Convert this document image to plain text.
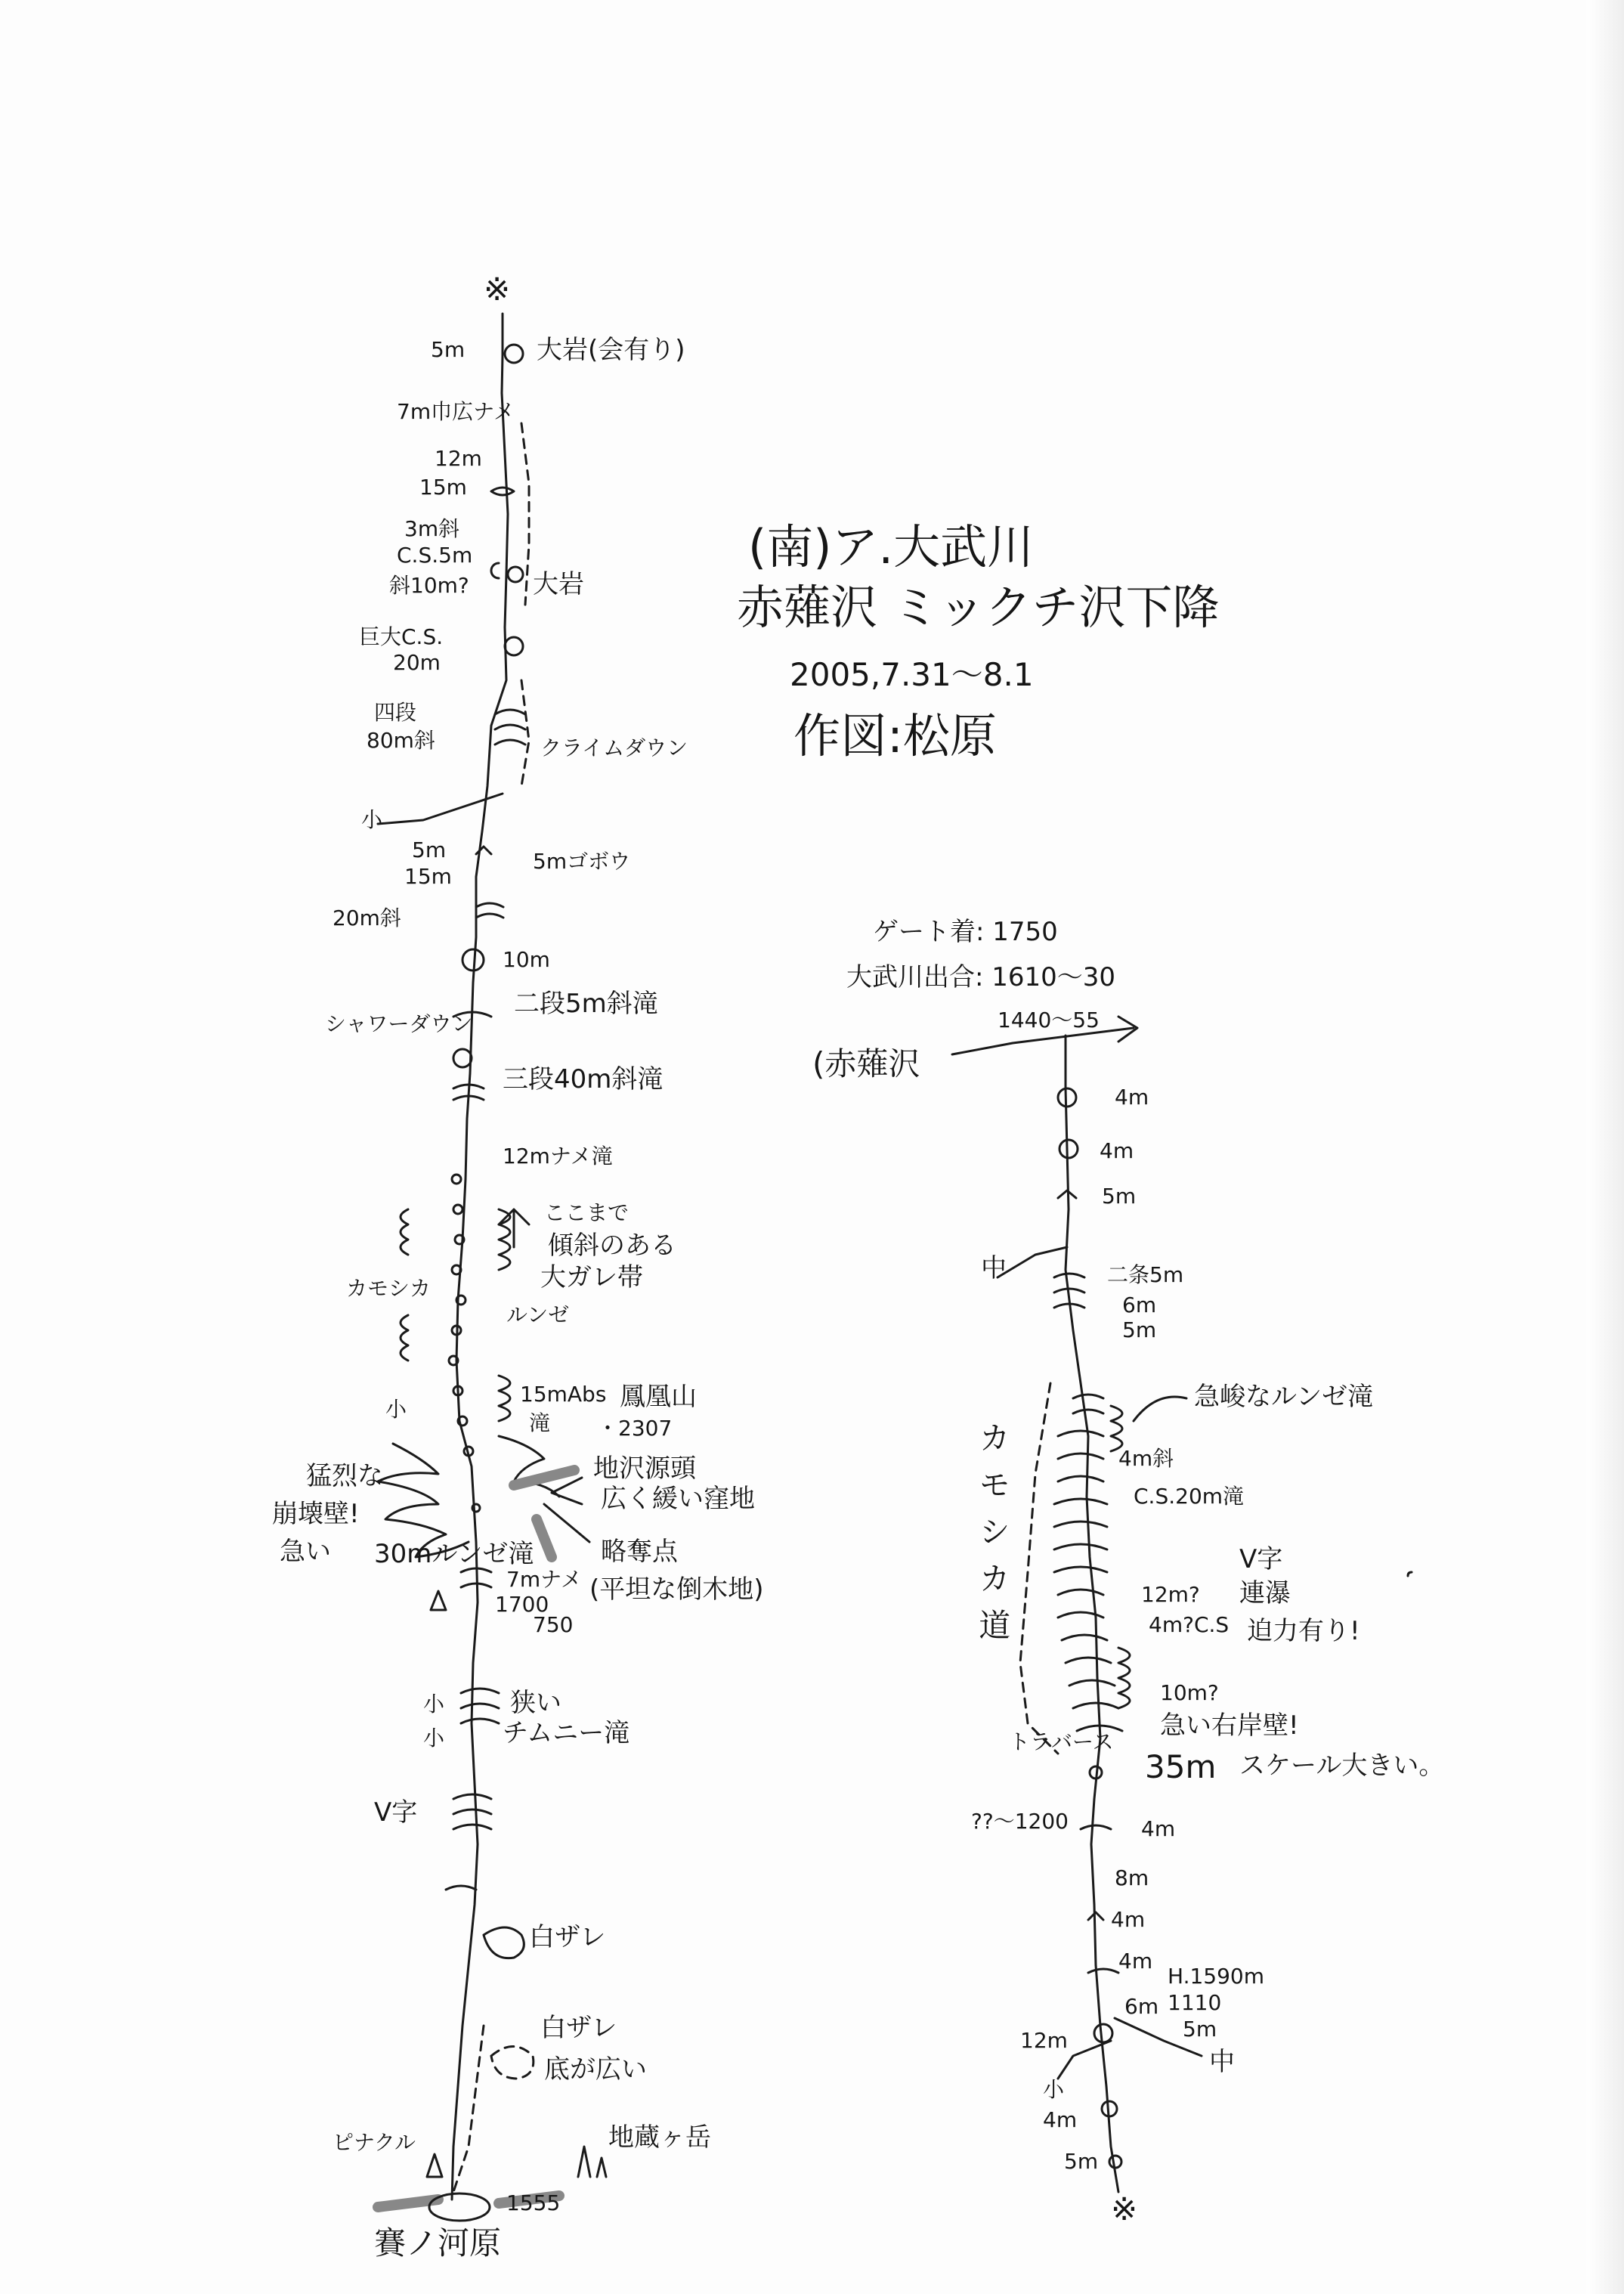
(南)ア.大武川
赤薙沢 ミックチ沢下降
2005,7.31～8.1
作図:松原
ゲート着: 1750
大武川出合: 1610～30
※
5m	大岩(会有り)
7m巾広ナメ
12m
15m
3m斜
C.S.5m
斜10m? 大岩
巨大C.S.
20m
四段
80m斜	クライムダウン
小
5m
15m
5mゴボウ
20m斜
10m
シャワーダウン
二段5m斜滝
三段40m斜滝
12mナメ滝
ここまで
傾斜のある
大ガレ帯
カモシカ
ルンゼ
鳳凰山
15mAbs
滝 ・2307
地沢源頭
広く緩い窪地
猛烈な
崩壊壁!
急い
小
30mルンゼ滝
7mナメ
略奪点
(平坦な倒木地)
1700
750
小
小
狭い
チムニー滝
V字
白ザレ
白ザレ
底が広い
ピナクル	地蔵ヶ岳
賽ノ河原
1555
1440～55
(赤薙沢
4m
4m
5m
中	二条5m
6m
5m
カモシカ道
急峻なルンゼ滝
4m斜
C.S.20m滝
12m?
4m?C.S
V字
連瀑
迫力有り!
10m?
急い右岸壁!
35m スケール大きい。
トラバース
??～1200	4m
8m
4m
4m
H.1590m
1110
6m
5m
12m
中
小
4m
5m
※
